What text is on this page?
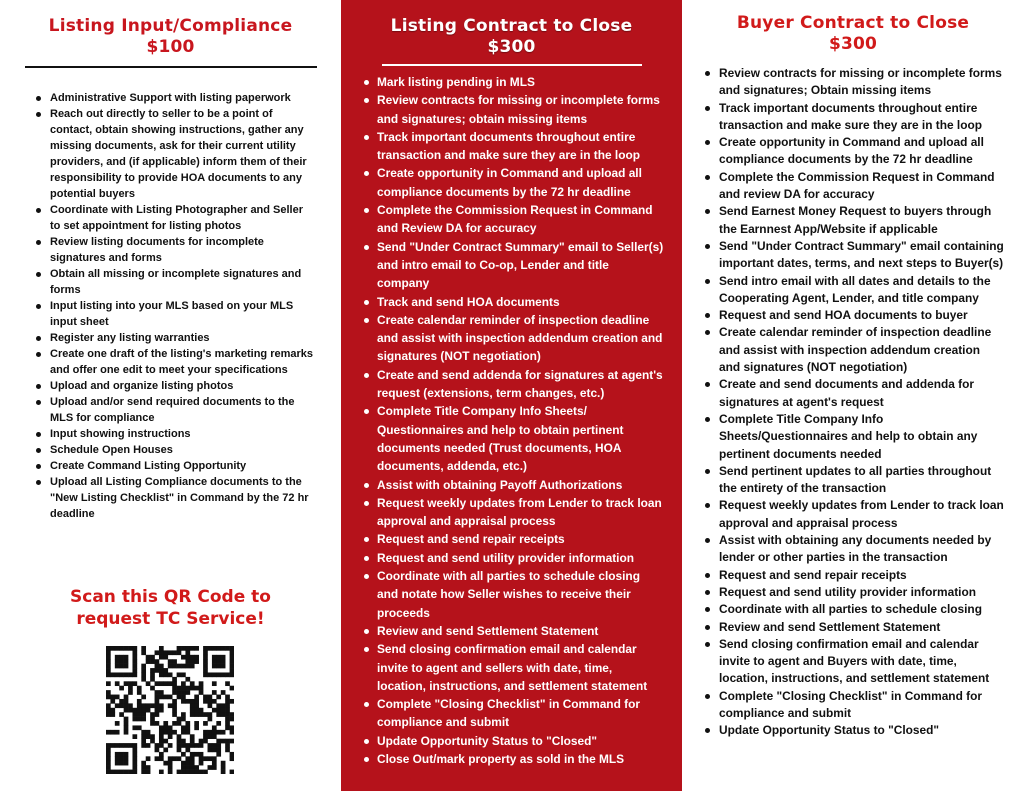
Listing Input/Compliance
$100
Administrative Support with listing paperwork
Reach out directly to seller to be a point of contact, obtain showing instructions, gather any missing documents, ask for their current utility providers, and (if applicable) inform them of their responsibility to provide HOA documents to any potential buyers
Coordinate with Listing Photographer and Seller to set appointment for listing photos
Review listing documents for incomplete signatures and forms
Obtain all missing or incomplete signatures and forms
Input listing into your MLS based on your MLS input sheet
Register any listing warranties
Create one draft of the listing's marketing remarks and offer one edit to meet your specifications
Upload and organize listing photos
Upload and/or send required documents to the MLS for compliance
Input showing instructions
Schedule Open Houses
Create Command Listing Opportunity
Upload all Listing Compliance documents to the "New Listing Checklist" in Command by the 72 hr deadline
Scan this QR Code to
request TC Service!
Listing Contract to Close
$300
Mark listing pending in MLS
Review contracts for missing or incomplete forms and signatures; obtain missing items
Track important documents throughout entire transaction and make sure they are in the loop
Create opportunity in Command and upload all compliance documents by the 72 hr deadline
Complete the Commission Request in Command and Review DA for accuracy
Send "Under Contract Summary" email to Seller(s) and intro email to Co-op, Lender and title company
Track and send HOA documents
Create calendar reminder of inspection deadline and assist with inspection addendum creation and signatures (NOT negotiation)
Create and send addenda for signatures at agent's request (extensions, term changes, etc.)
Complete Title Company Info Sheets/ Questionnaires and help to obtain pertinent documents needed (Trust documents, HOA documents, addenda, etc.)
Assist with obtaining Payoff Authorizations
Request weekly updates from Lender to track loan approval and appraisal process
Request and send repair receipts
Request and send utility provider information
Coordinate with all parties to schedule closing and notate how Seller wishes to receive their proceeds
Review and send Settlement Statement
Send closing confirmation email and calendar invite to agent and sellers with date, time, location, instructions, and settlement statement
Complete "Closing Checklist" in Command for compliance and submit
Update Opportunity Status to "Closed"
Close Out/mark property as sold in the MLS
Buyer Contract to Close
$300
Review contracts for missing or incomplete forms and signatures; Obtain missing items
Track important documents throughout entire transaction and make sure they are in the loop
Create opportunity in Command and upload all compliance documents by the 72 hr deadline
Complete the Commission Request in Command and review DA for accuracy
Send Earnest Money Request to buyers through the Earnnest App/Website if applicable
Send "Under Contract Summary" email containing important dates, terms, and next steps to Buyer(s)
Send intro email with all dates and details to the Cooperating Agent, Lender, and title company
Request and send HOA documents to buyer
Create calendar reminder of inspection deadline and assist with inspection addendum creation and signatures (NOT negotiation)
Create and send documents and addenda for signatures at agent's request
Complete Title Company Info Sheets/Questionnaires and help to obtain any pertinent documents needed
Send pertinent updates to all parties throughout the entirety of the transaction
Request weekly updates from Lender to track loan approval and appraisal process
Assist with obtaining any documents needed by lender or other parties in the transaction
Request and send repair receipts
Request and send utility provider information
Coordinate with all parties to schedule closing
Review and send Settlement Statement
Send closing confirmation email and calendar invite to agent and Buyers with date, time, location, instructions, and settlement statement
Complete "Closing Checklist" in Command for compliance and submit
Update Opportunity Status to "Closed"
